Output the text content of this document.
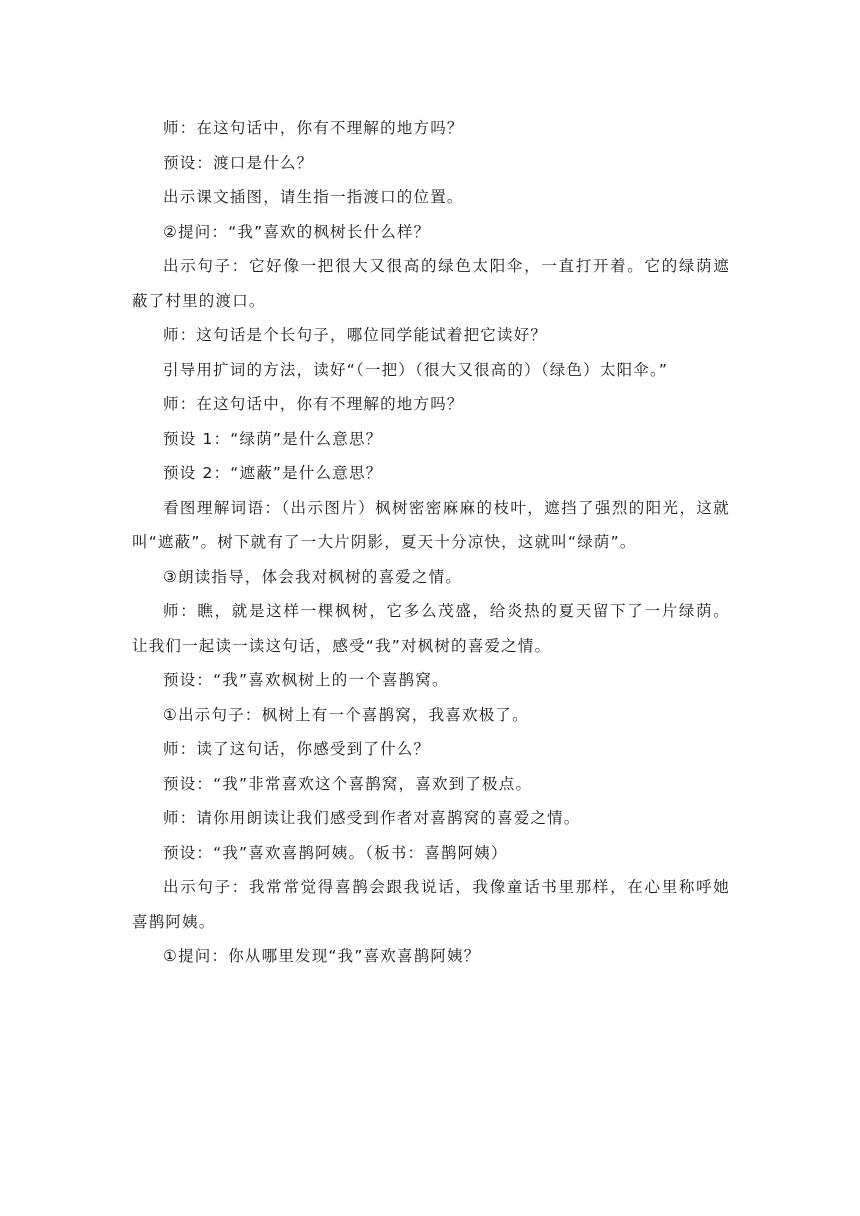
师：在这句话中，你有不理解的地方吗？

预设：渡口是什么？

出示课文插图，请生指一指渡口的位置。

②提问：“我”喜欢的枫树长什么样？

出示句子：它好像一把很大又很高的绿色太阳伞，一直打开着。它的绿荫遮蔽了村里的渡口。

师：这句话是个长句子，哪位同学能试着把它读好？

引导用扩词的方法，读好“（一把）（很大又很高的）（绿色）太阳伞。”

师：在这句话中，你有不理解的地方吗？

预设 1：“绿荫”是什么意思？

预设 2：“遮蔽”是什么意思？

看图理解词语：（出示图片）枫树密密麻麻的枝叶，遮挡了强烈的阳光，这就叫“遮蔽”。树下就有了一大片阴影，夏天十分凉快，这就叫“绿荫”。

③朗读指导，体会我对枫树的喜爱之情。

师：瞧，就是这样一棵枫树，它多么茂盛，给炎热的夏天留下了一片绿荫。让我们一起读一读这句话，感受“我”对枫树的喜爱之情。

预设：“我”喜欢枫树上的一个喜鹊窝。

①出示句子：枫树上有一个喜鹊窝，我喜欢极了。

师：读了这句话，你感受到了什么？

预设：“我”非常喜欢这个喜鹊窝，喜欢到了极点。

师：请你用朗读让我们感受到作者对喜鹊窝的喜爱之情。

预设：“我”喜欢喜鹊阿姨。（板书：喜鹊阿姨）

出示句子：我常常觉得喜鹊会跟我说话，我像童话书里那样，在心里称呼她喜鹊阿姨。

①提问：你从哪里发现“我”喜欢喜鹊阿姨？
